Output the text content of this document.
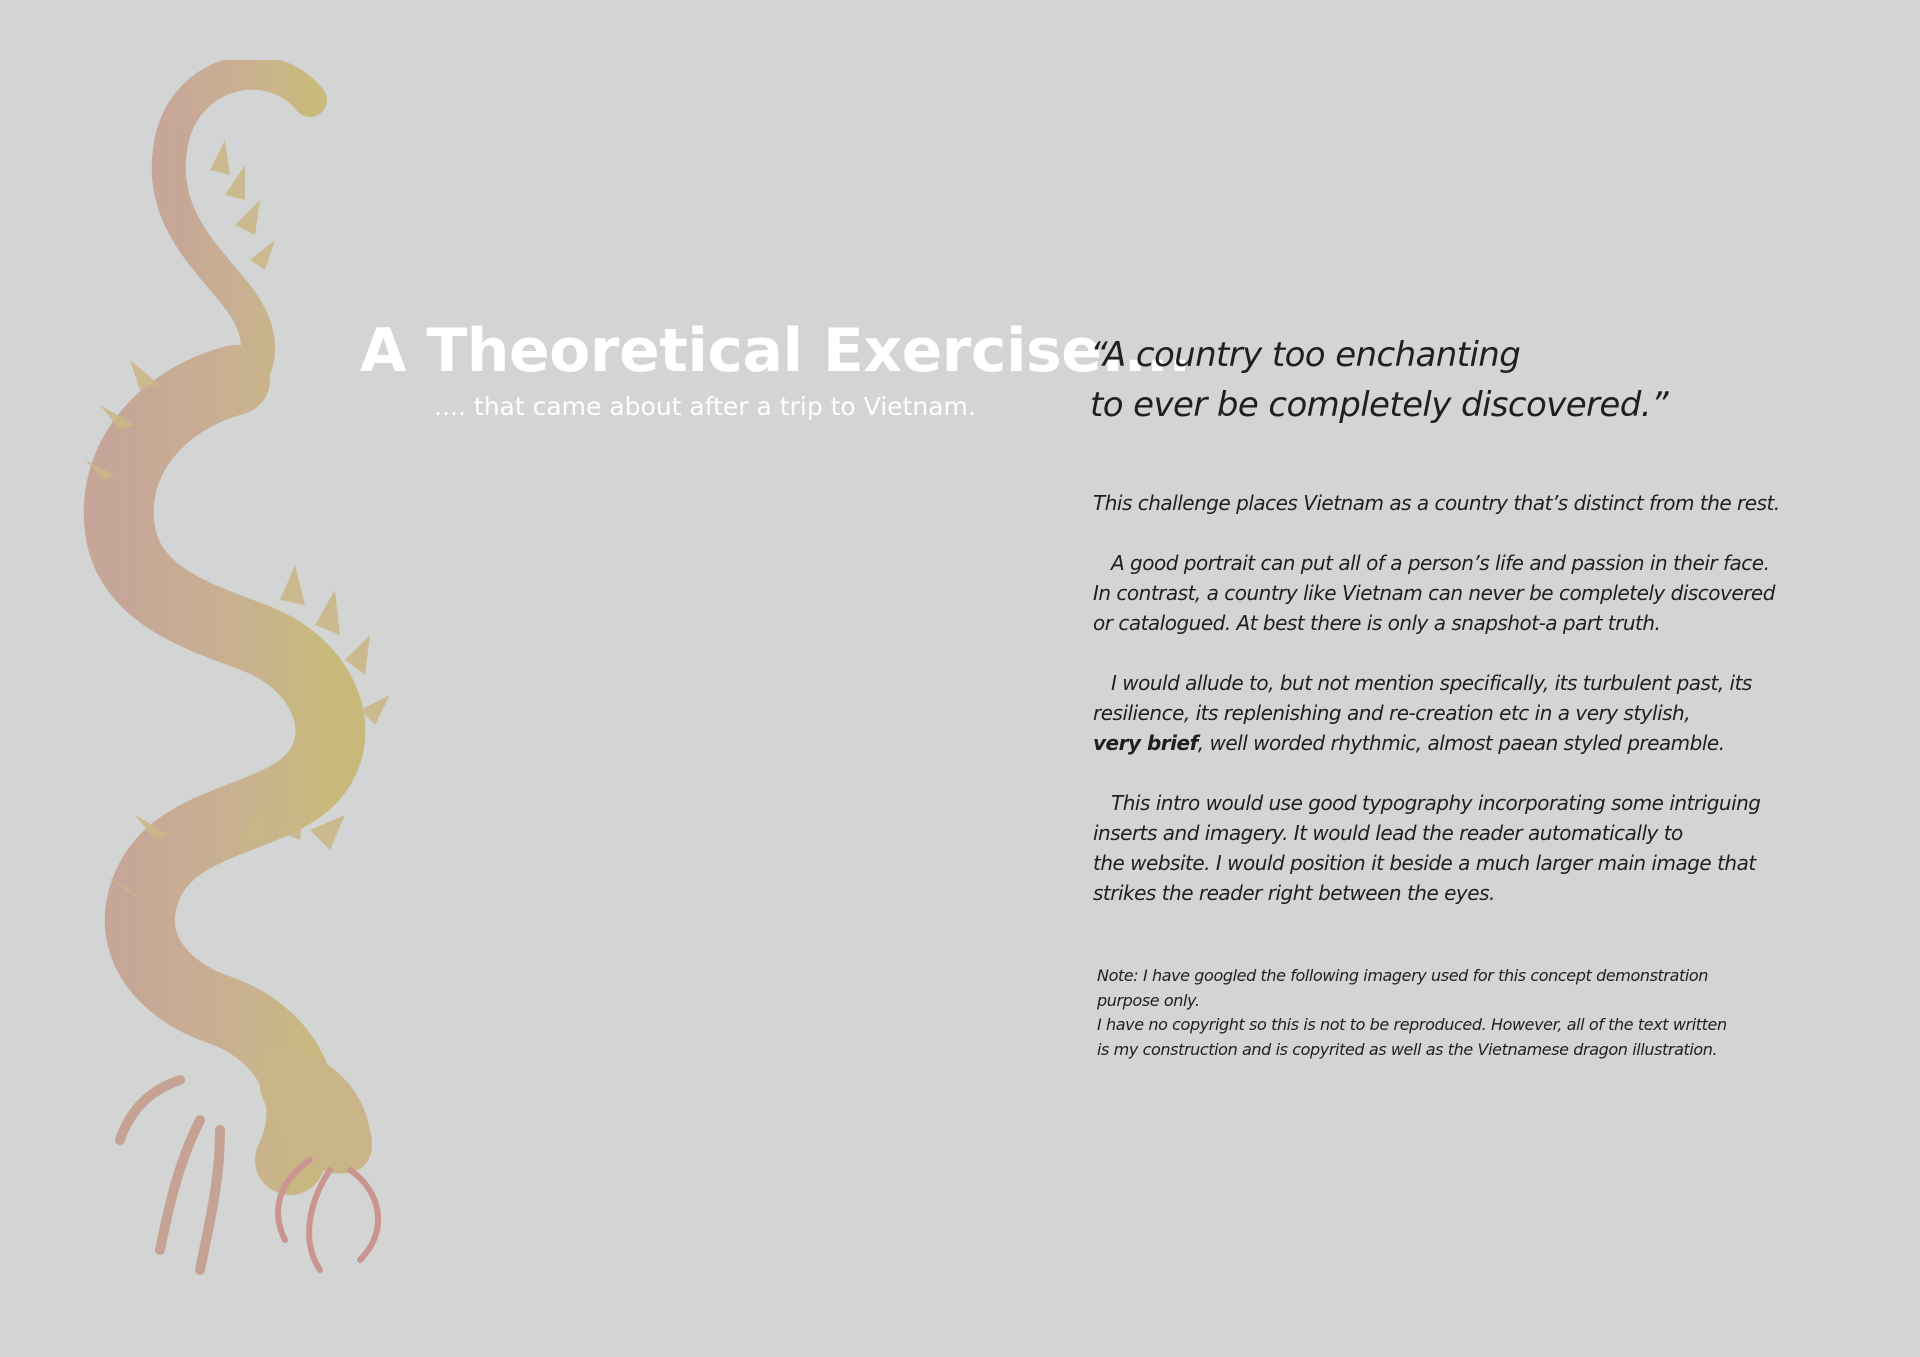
A Theoretical Exercise....

.... that came about after a trip to Vietnam.

“A country too enchanting
to ever be completely discovered.”

This challenge places Vietnam as a country that’s distinct from the rest.

A good portrait can put all of a person’s life and passion in their face.
In contrast, a country like Vietnam can never be completely discovered
or catalogued. At best there is only a snapshot-a part truth.

I would allude to, but not mention specifically, its turbulent past, its
resilience, its replenishing and re-creation etc in a very stylish,
very brief, well worded rhythmic, almost paean styled preamble.

This intro would use good typography incorporating some intriguing
inserts and imagery. It would lead the reader automatically to
the website. I would position it beside a much larger main image that
strikes the reader right between the eyes.

Note: I have googled the following imagery used for this concept demonstration
purpose only.
I have no copyright so this is not to be reproduced. However, all of the text written
is my construction and is copyrited as well as the Vietnamese dragon illustration.
